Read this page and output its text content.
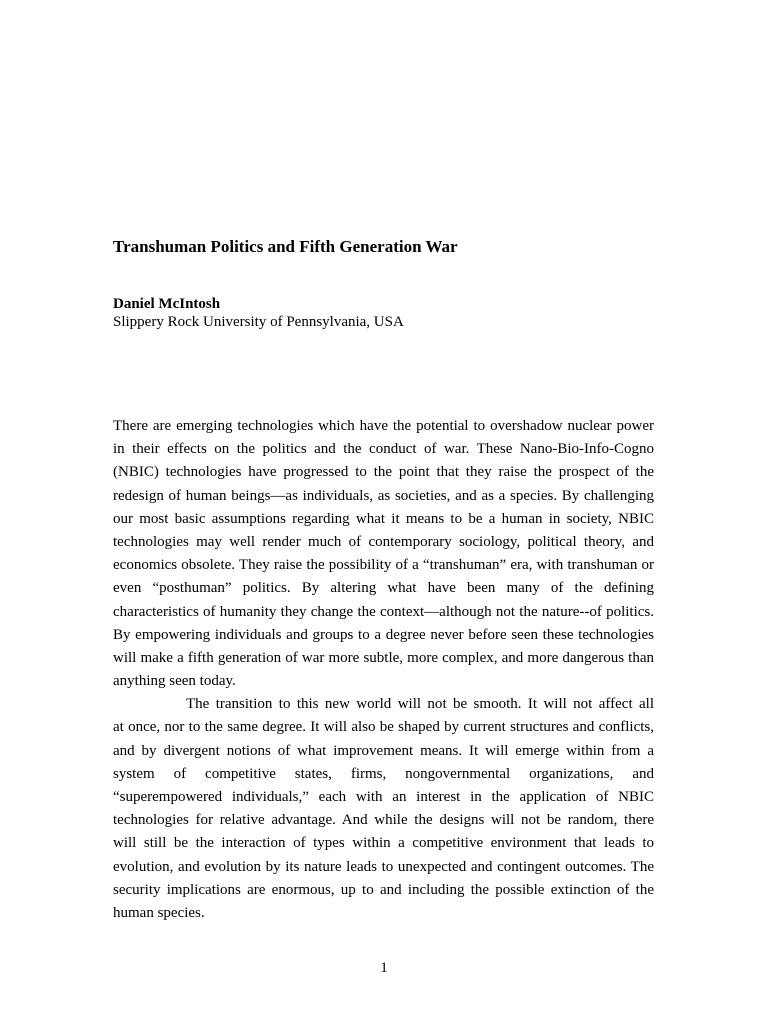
Transhuman Politics and Fifth Generation War
Daniel McIntosh
Slippery Rock University of Pennsylvania, USA

There are emerging technologies which have the potential to overshadow nuclear power
in their effects on the politics and the conduct of war. These Nano-Bio-Info-Cogno
(NBIC) technologies have progressed to the point that they raise the prospect of the
redesign of human beings—as individuals, as societies, and as a species. By challenging
our most basic assumptions regarding what it means to be a human in society, NBIC
technologies may well render much of contemporary sociology, political theory, and
economics obsolete. They raise the possibility of a “transhuman” era, with transhuman or
even “posthuman” politics. By altering what have been many of the defining
characteristics of humanity they change the context—although not the nature--of politics.
By empowering individuals and groups to a degree never before seen these technologies
will make a fifth generation of war more subtle, more complex, and more dangerous than
anything seen today.

The transition to this new world will not be smooth. It will not affect all
at once, nor to the same degree. It will also be shaped by current structures and conflicts,
and by divergent notions of what improvement means. It will emerge within from a
system of competitive states, firms, nongovernmental organizations, and
“superempowered individuals,” each with an interest in the application of NBIC
technologies for relative advantage. And while the designs will not be random, there
will still be the interaction of types within a competitive environment that leads to
evolution, and evolution by its nature leads to unexpected and contingent outcomes. The
security implications are enormous, up to and including the possible extinction of the
human species.

1
